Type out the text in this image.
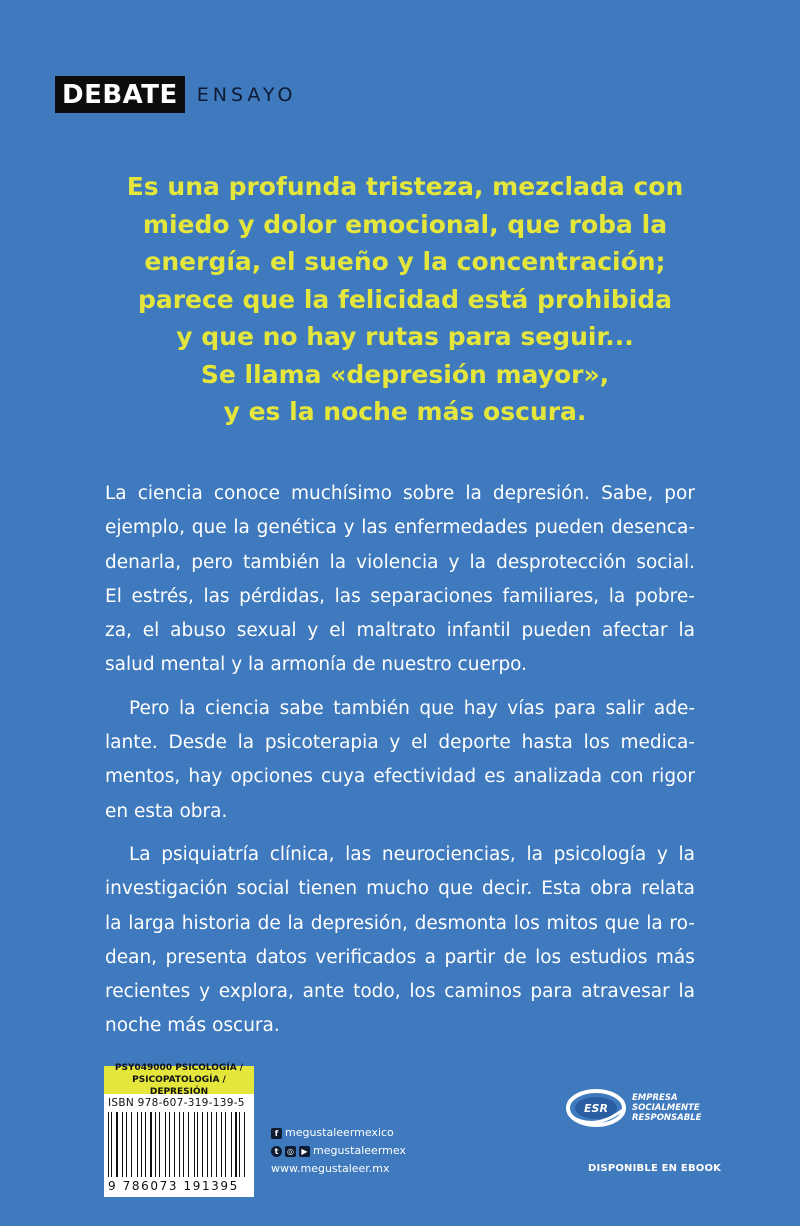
DEBATE	ENSAYO
Es una profunda tristeza, mezclada con
miedo y dolor emocional, que roba la
energía, el sueño y la concentración;
parece que la felicidad está prohibida
y que no hay rutas para seguir...
Se llama «depresión mayor»,
y es la noche más oscura.
La ciencia conoce muchísimo sobre la depresión. Sabe, por
ejemplo, que la genética y las enfermedades pueden desenca-
denarla, pero también la violencia y la desprotección social.
El estrés, las pérdidas, las separaciones familiares, la pobre-
za, el abuso sexual y el maltrato infantil pueden afectar la
salud mental y la armonía de nuestro cuerpo.
Pero la ciencia sabe también que hay vías para salir ade-
lante. Desde la psicoterapia y el deporte hasta los medica-
mentos, hay opciones cuya efectividad es analizada con rigor
en esta obra.
La psiquiatría clínica, las neurociencias, la psicología y la
investigación social tienen mucho que decir. Esta obra relata
la larga historia de la depresión, desmonta los mitos que la ro-
dean, presenta datos verificados a partir de los estudios más
recientes y explora, ante todo, los caminos para atravesar la
noche más oscura.
PSY049000 PSICOLOGÍA /
PSICOPATOLOGÍA / DEPRESIÓN
ISBN 978-607-319-139-5
9 786073 191395
f megustaleermexico
t	◎ ▶ megustaleermex
www.megustaleer.mx
ESR
EMPRESA
SOCIALMENTE
RESPONSABLE
DISPONIBLE EN EBOOK
